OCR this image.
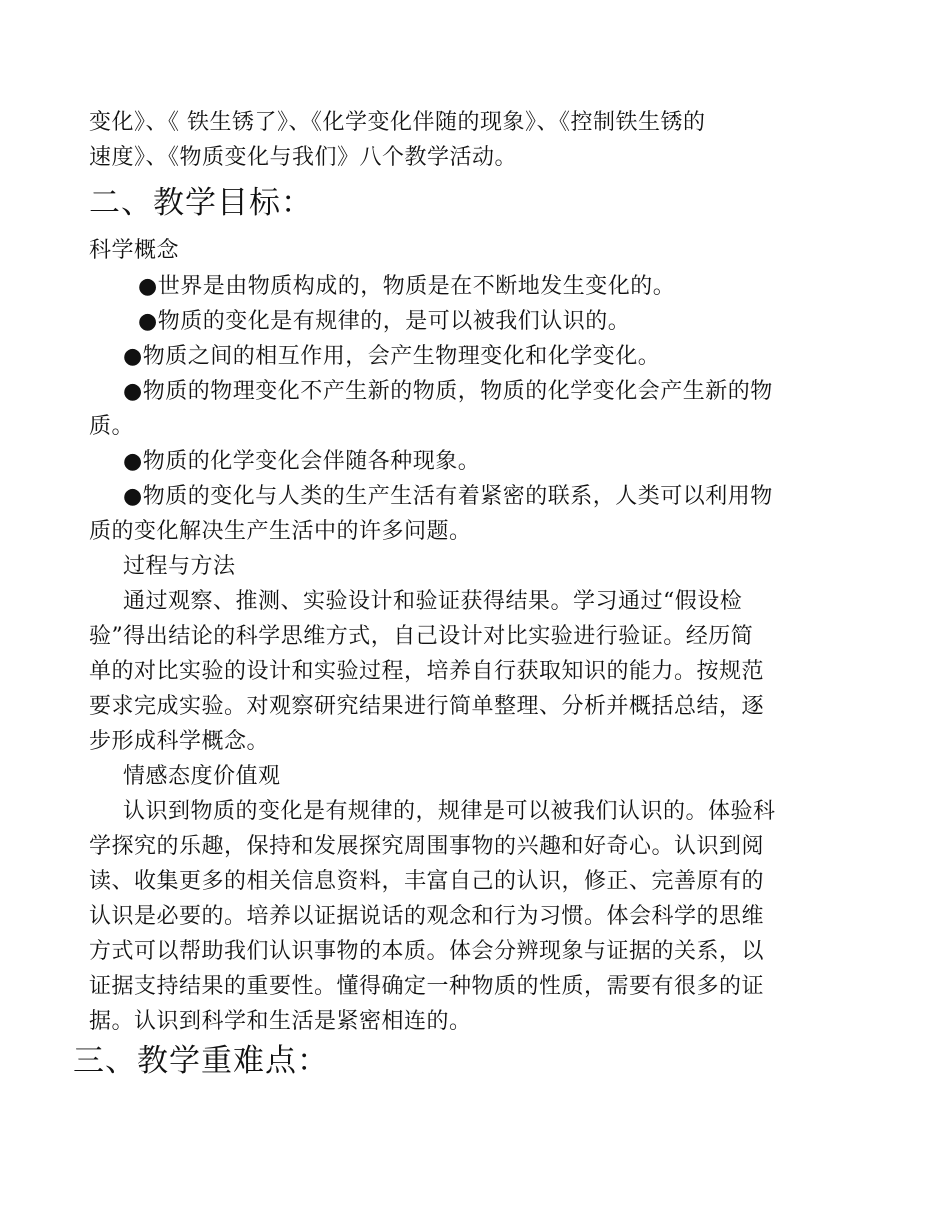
变化》、《 铁生锈了》、《化学变化伴随的现象》、《控制铁生锈的
速度》、《物质变化与我们》八个教学活动。
二、教学目标：
科学概念
●世界是由物质构成的，物质是在不断地发生变化的。
●物质的变化是有规律的，是可以被我们认识的。
●物质之间的相互作用，会产生物理变化和化学变化。
●物质的物理变化不产生新的物质，物质的化学变化会产生新的物
质。
●物质的化学变化会伴随各种现象。
●物质的变化与人类的生产生活有着紧密的联系，人类可以利用物
质的变化解决生产生活中的许多问题。
过程与方法
通过观察、推测、实验设计和验证获得结果。学习通过“假设检
验”得出结论的科学思维方式，自己设计对比实验进行验证。经历简
单的对比实验的设计和实验过程，培养自行获取知识的能力。按规范
要求完成实验。对观察研究结果进行简单整理、分析并概括总结，逐
步形成科学概念。
情感态度价值观
认识到物质的变化是有规律的，规律是可以被我们认识的。体验科
学探究的乐趣，保持和发展探究周围事物的兴趣和好奇心。认识到阅
读、收集更多的相关信息资料，丰富自己的认识，修正、完善原有的
认识是必要的。培养以证据说话的观念和行为习惯。体会科学的思维
方式可以帮助我们认识事物的本质。体会分辨现象与证据的关系，以
证据支持结果的重要性。懂得确定一种物质的性质，需要有很多的证
据。认识到科学和生活是紧密相连的。
三、教学重难点：
